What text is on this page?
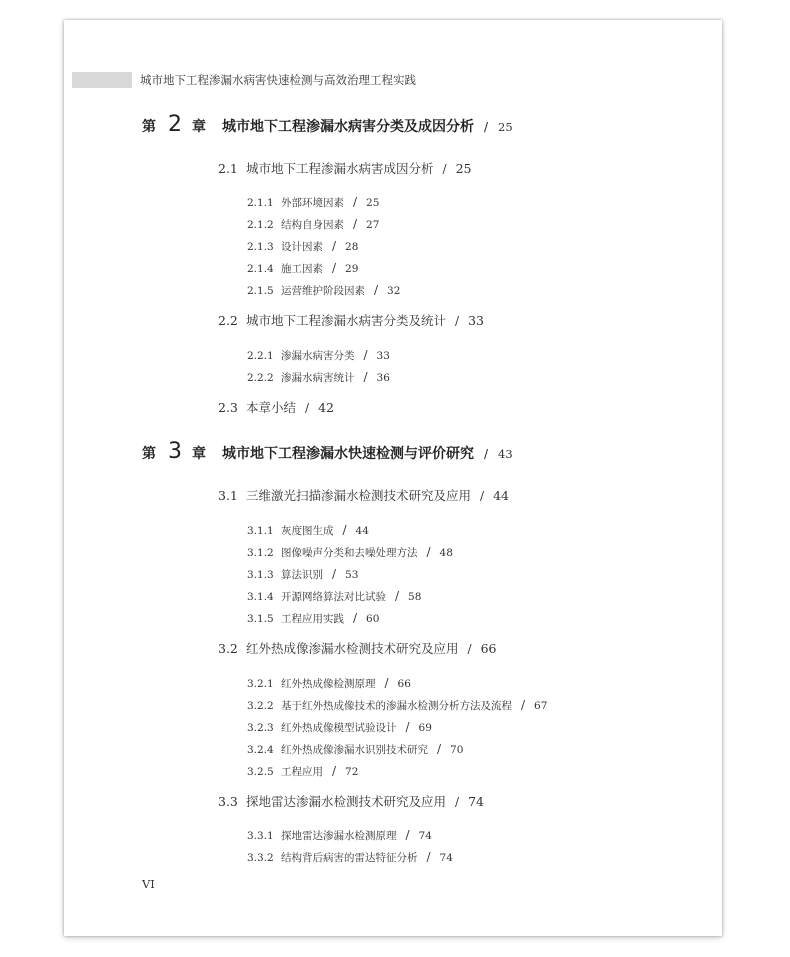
城市地下工程渗漏水病害快速检测与高效治理工程实践
第 2 章	城市地下工程渗漏水病害分类及成因分析 / 25
2.1 城市地下工程渗漏水病害成因分析 / 25
2.1.1 外部环境因素 / 25
2.1.2 结构自身因素 / 27
2.1.3 设计因素 / 28
2.1.4 施工因素 / 29
2.1.5 运营维护阶段因素 / 32
2.2 城市地下工程渗漏水病害分类及统计 / 33
2.2.1 渗漏水病害分类 / 33
2.2.2 渗漏水病害统计 / 36
2.3 本章小结 / 42
第 3 章	城市地下工程渗漏水快速检测与评价研究 / 43
3.1 三维激光扫描渗漏水检测技术研究及应用 / 44
3.1.1 灰度图生成 / 44
3.1.2 图像噪声分类和去噪处理方法 / 48
3.1.3 算法识别 / 53
3.1.4 开源网络算法对比试验 / 58
3.1.5 工程应用实践 / 60
3.2 红外热成像渗漏水检测技术研究及应用 / 66
3.2.1 红外热成像检测原理 / 66
3.2.2 基于红外热成像技术的渗漏水检测分析方法及流程 / 67
3.2.3 红外热成像模型试验设计 / 69
3.2.4 红外热成像渗漏水识别技术研究 / 70
3.2.5 工程应用 / 72
3.3 探地雷达渗漏水检测技术研究及应用 / 74
3.3.1 探地雷达渗漏水检测原理 / 74
3.3.2 结构背后病害的雷达特征分析 / 74
VI
